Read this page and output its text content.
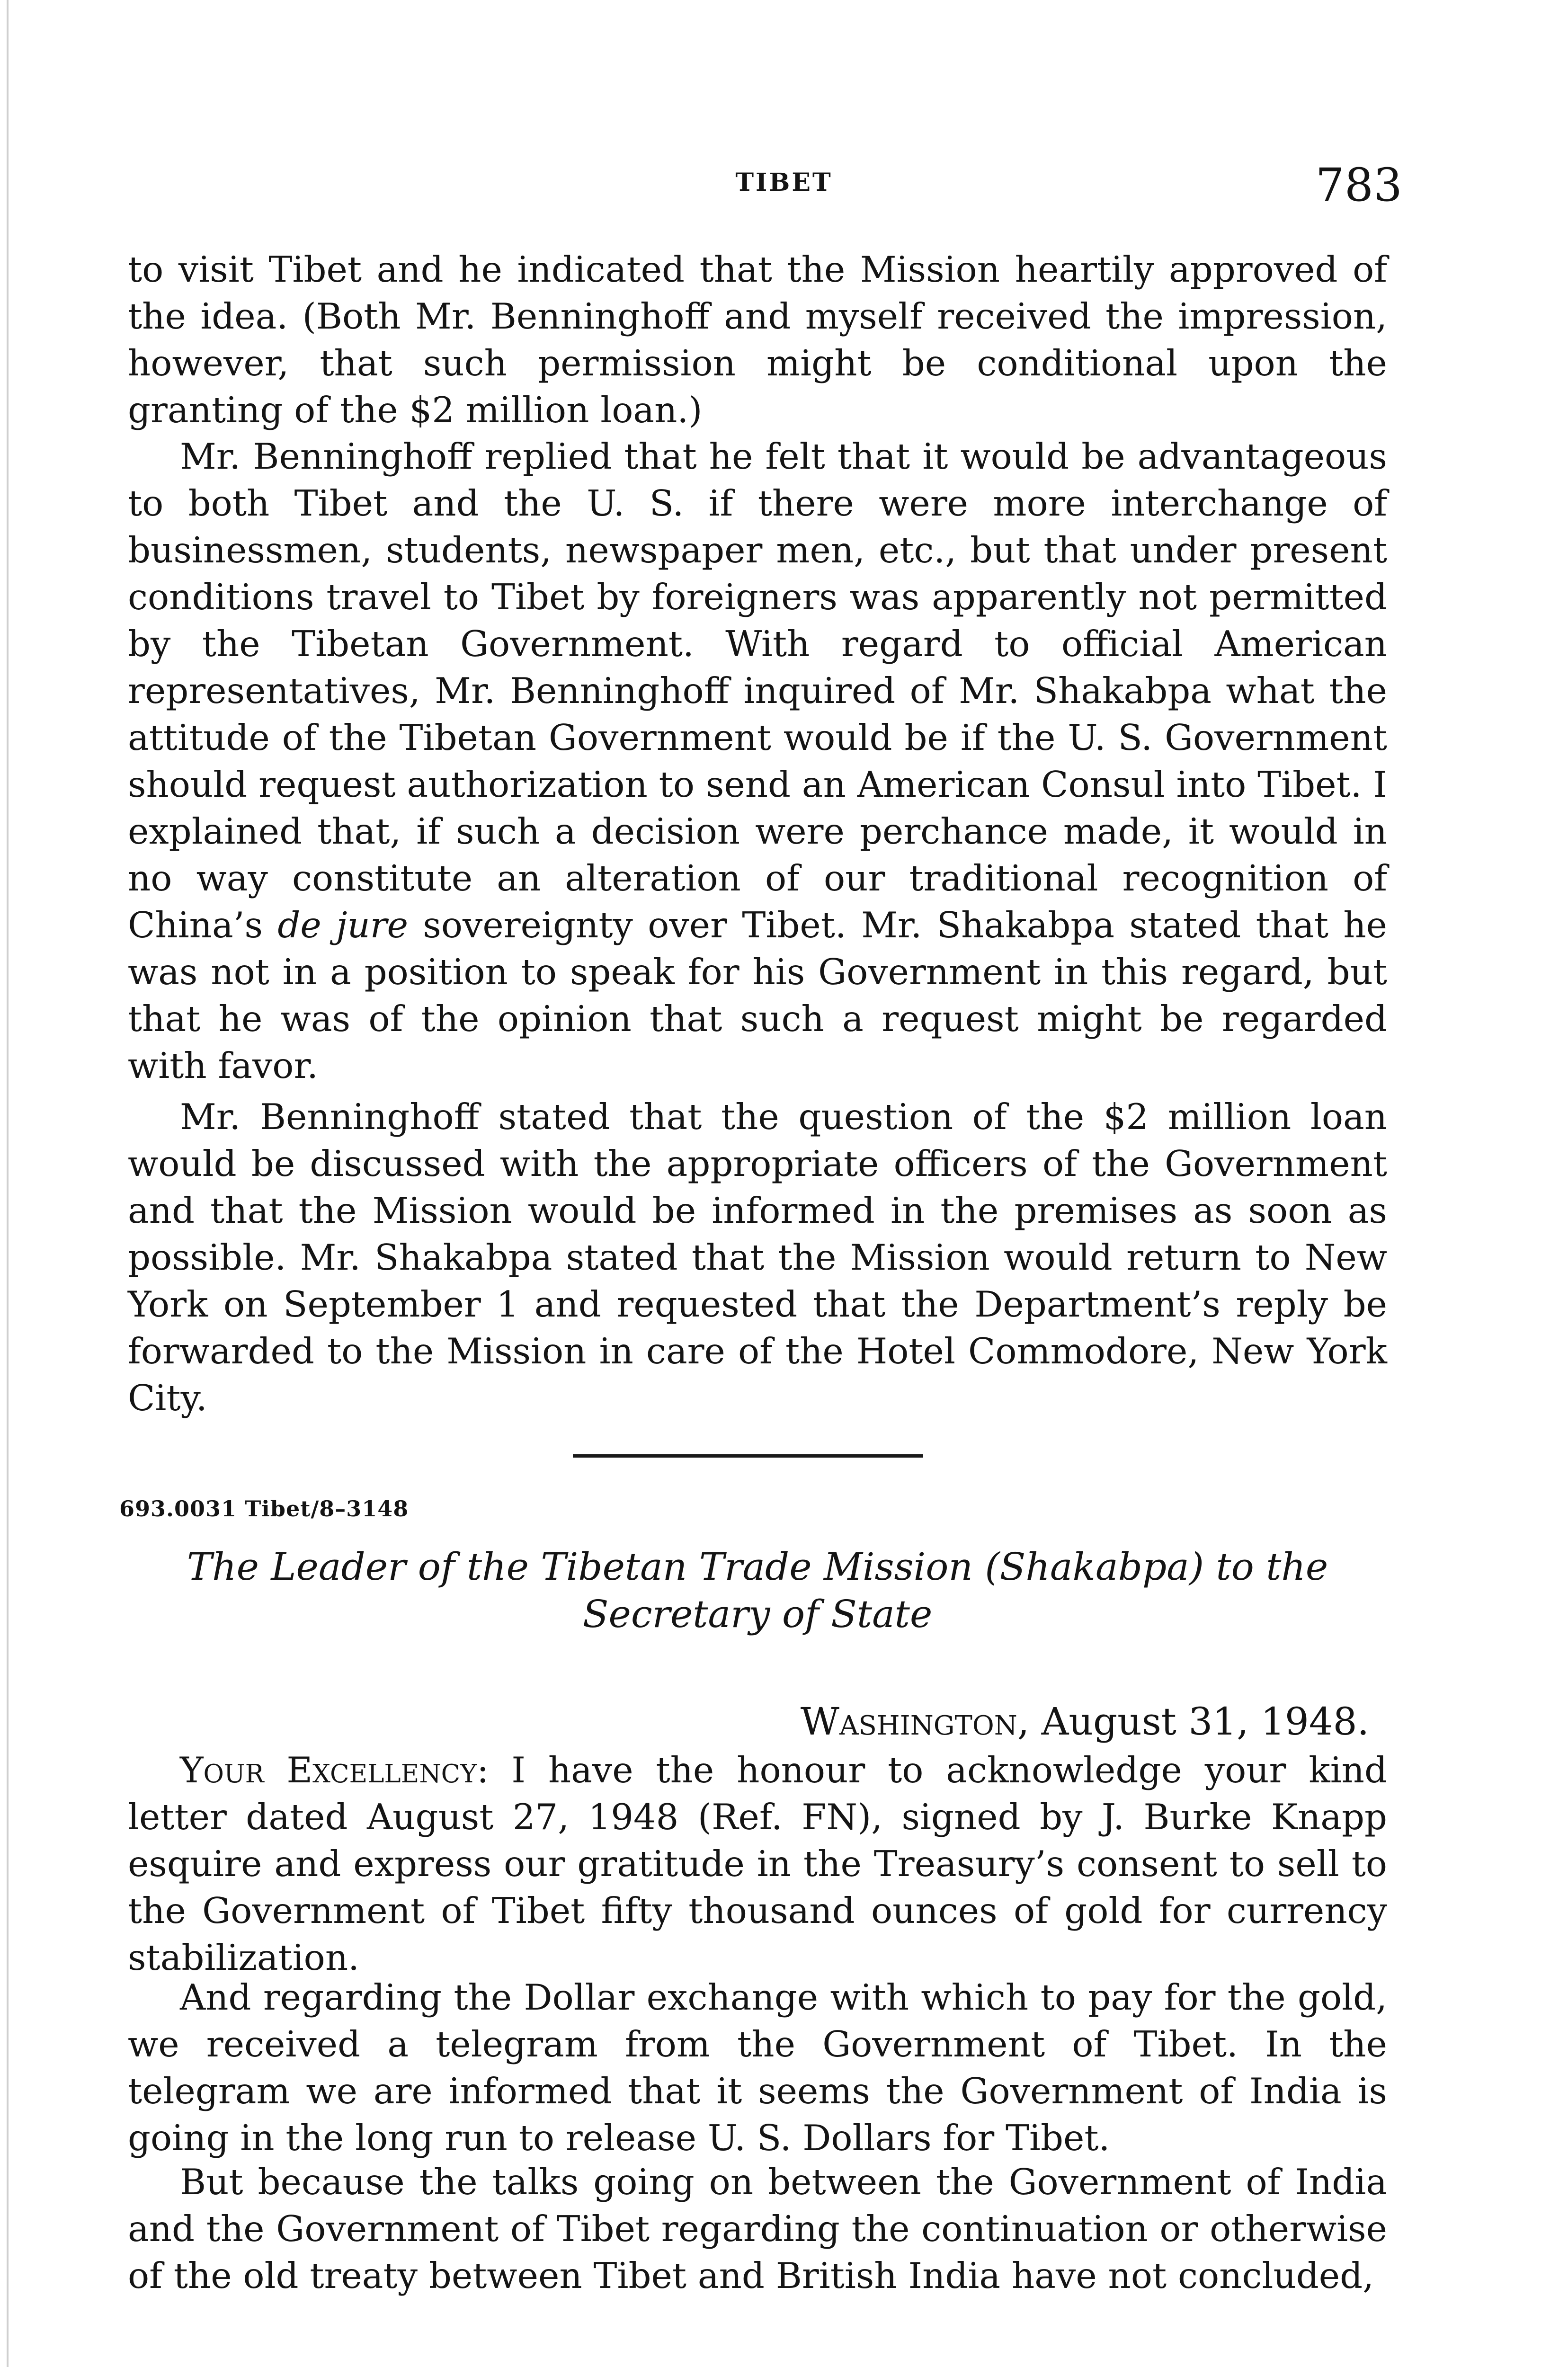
TIBET	783

to visit Tibet and he indicated that the Mission heartily approved of the idea. (Both Mr. Benninghoff and myself received the impression, however, that such permission might be conditional upon the granting of the $2 million loan.)

Mr. Benninghoff replied that he felt that it would be advantageous to both Tibet and the U. S. if there were more interchange of businessmen, students, newspaper men, etc., but that under present conditions travel to Tibet by foreigners was apparently not permitted by the Tibetan Government. With regard to official American representatives, Mr. Benninghoff inquired of Mr. Shakabpa what the attitude of the Tibetan Government would be if the U. S. Government should request authorization to send an American Consul into Tibet. I explained that, if such a decision were perchance made, it would in no way constitute an alteration of our traditional recognition of China’s de jure sovereignty over Tibet. Mr. Shakabpa stated that he was not in a position to speak for his Government in this regard, but that he was of the opinion that such a request might be regarded with favor.

Mr. Benninghoff stated that the question of the $2 million loan would be discussed with the appropriate officers of the Government and that the Mission would be informed in the premises as soon as possible. Mr. Shakabpa stated that the Mission would return to New York on September 1 and requested that the Department’s reply be forwarded to the Mission in care of the Hotel Commodore, New York City.

693.0031 Tibet/8–3148
The Leader of the Tibetan Trade Mission (Shakabpa) to the Secretary of State
Washington, August 31, 1948.

Your Excellency: I have the honour to acknowledge your kind letter dated August 27, 1948 (Ref. FN), signed by J. Burke Knapp esquire and express our gratitude in the Treasury’s consent to sell to the Government of Tibet fifty thousand ounces of gold for currency stabilization.

And regarding the Dollar exchange with which to pay for the gold, we received a telegram from the Government of Tibet. In the telegram we are informed that it seems the Government of India is going in the long run to release U. S. Dollars for Tibet.

But because the talks going on between the Government of India and the Government of Tibet regarding the continuation or otherwise of the old treaty between Tibet and British India have not concluded,
